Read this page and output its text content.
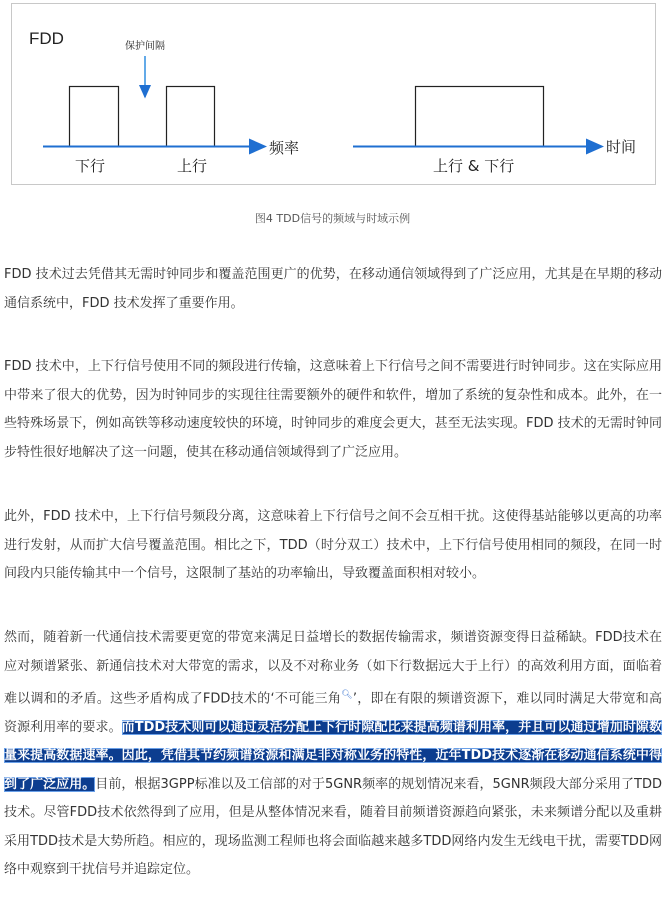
FDD	保护间隔
频率
下行	上行
时间
上行 & 下行
图4 TDD信号的频域与时域示例

FDD 技术过去凭借其无需时钟同步和覆盖范围更广的优势，在移动通信领域得到了广泛应用，尤其是在早期的移动通信系统中，FDD 技术发挥了重要作用。

FDD 技术中，上下行信号使用不同的频段进行传输，这意味着上下行信号之间不需要进行时钟同步。这在实际应用中带来了很大的优势，因为时钟同步的实现往往需要额外的硬件和软件，增加了系统的复杂性和成本。此外，在一些特殊场景下，例如高铁等移动速度较快的环境，时钟同步的难度会更大，甚至无法实现。FDD 技术的无需时钟同步特性很好地解决了这一问题，使其在移动通信领域得到了广泛应用。

此外，FDD 技术中，上下行信号频段分离，这意味着上下行信号之间不会互相干扰。这使得基站能够以更高的功率进行发射，从而扩大信号覆盖范围。相比之下，TDD（时分双工）技术中，上下行信号使用相同的频段，在同一时间段内只能传输其中一个信号，这限制了基站的功率输出，导致覆盖面积相对较小。

然而，随着新一代通信技术需要更宽的带宽来满足日益增长的数据传输需求，频谱资源变得日益稀缺。FDD技术在应对频谱紧张、新通信技术对大带宽的需求，以及不对称业务（如下行数据远大于上行）的高效利用方面，面临着难以调和的矛盾。这些矛盾构成了FDD技术的‘不可能三角🔍︎’，即在有限的频谱资源下，难以同时满足大带宽和高资源利用率的要求。而TDD技术则可以通过灵活分配上下行时隙配比来提高频谱利用率，并且可以通过增加时隙数量来提高数据速率。因此，凭借其节约频谱资源和满足非对称业务的特性，近年TDD技术逐渐在移动通信系统中得到了广泛应用。目前，根据3GPP标准以及工信部的对于5GNR频率的规划情况来看，5GNR频段大部分采用了TDD技术。尽管FDD技术依然得到了应用，但是从整体情况来看，随着目前频谱资源趋向紧张，未来频谱分配以及重耕采用TDD技术是大势所趋。相应的，现场监测工程师也将会面临越来越多TDD网络内发生无线电干扰，需要TDD网络中观察到干扰信号并追踪定位。
